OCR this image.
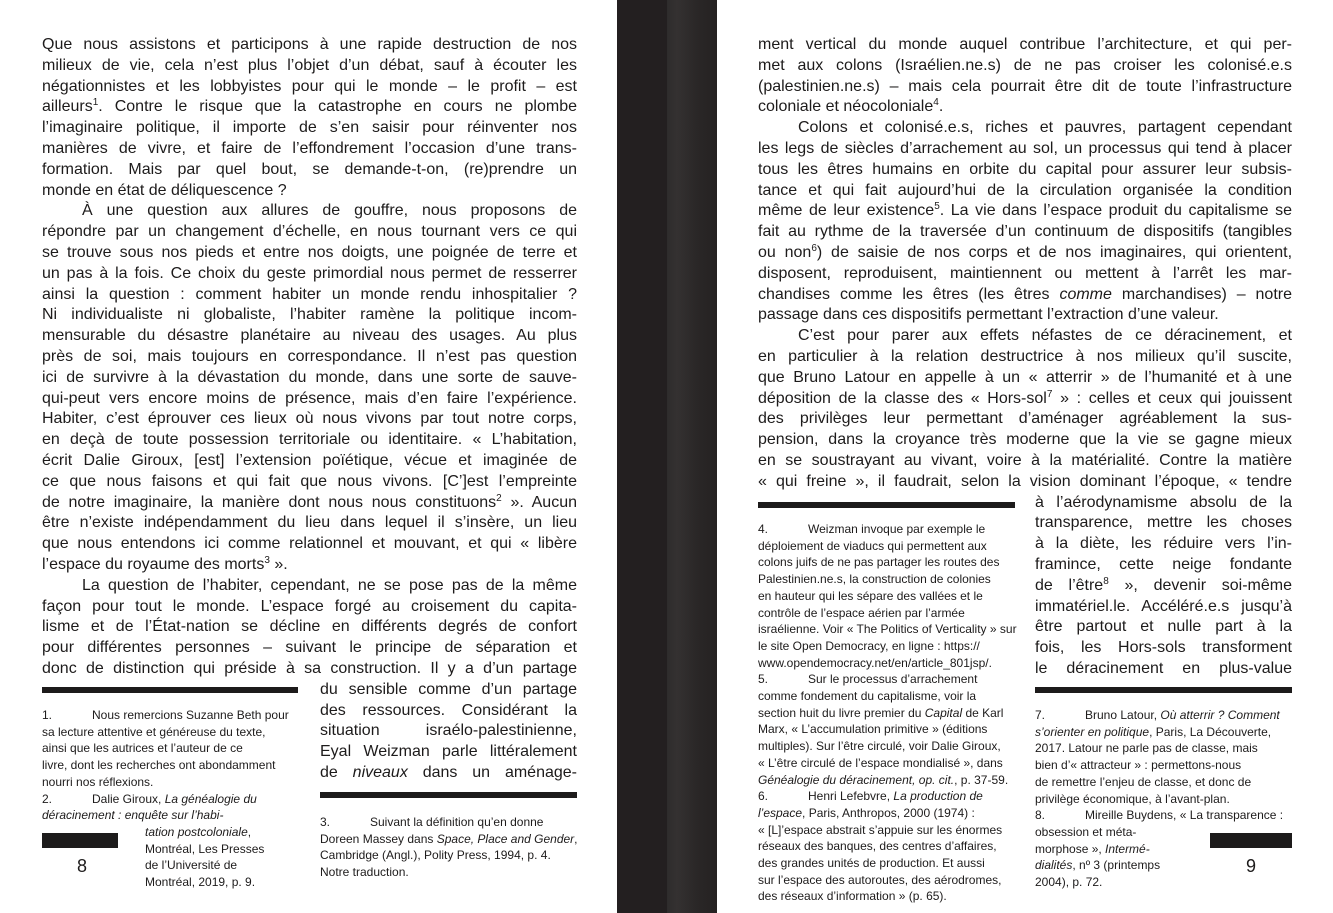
Que nous assistons et participons à une rapide destruction de nos
milieux de vie, cela n’est plus l’objet d’un débat, sauf à écouter les
négationnistes et les lobbyistes pour qui le monde – le profit – est
ailleurs$^1$. Contre le risque que la catastrophe en cours ne plombe
l’imaginaire politique, il importe de s’en saisir pour réinventer nos
manières de vivre, et faire de l’effondrement l’occasion d’une trans-
formation. Mais par quel bout, se demande-t-on, (re)prendre un
monde en état de déliquescence ?
À une question aux allures de gouffre, nous proposons de
répondre par un changement d’échelle, en nous tournant vers ce qui
se trouve sous nos pieds et entre nos doigts, une poignée de terre et
un pas à la fois. Ce choix du geste primordial nous permet de resserrer
ainsi la question : comment habiter un monde rendu inhospitalier ?
Ni individualiste ni globaliste, l’habiter ramène la politique incom-
mensurable du désastre planétaire au niveau des usages. Au plus
près de soi, mais toujours en correspondance. Il n’est pas question
ici de survivre à la dévastation du monde, dans une sorte de sauve-
qui-peut vers encore moins de présence, mais d’en faire l’expérience.
Habiter, c’est éprouver ces lieux où nous vivons par tout notre corps,
en deçà de toute possession territoriale ou identitaire. « L’habitation,
écrit Dalie Giroux, [est] l’extension poïétique, vécue et imaginée de
ce que nous faisons et qui fait que nous vivons. [C’]est l’empreinte
de notre imaginaire, la manière dont nous nous constituons$^2$ ». Aucun
être n’existe indépendamment du lieu dans lequel il s’insère, un lieu
que nous entendons ici comme relationnel et mouvant, et qui « libère
l’espace du royaume des morts$^3$ ».
La question de l’habiter, cependant, ne se pose pas de la même
façon pour tout le monde. L’espace forgé au croisement du capita-
lisme et de l’État-nation se décline en différents degrés de confort
pour différentes personnes – suivant le principe de séparation et
donc de distinction qui préside à sa construction. Il y a d’un partage
du sensible comme d’un partage
des ressources. Considérant la
situation israélo-palestinienne,
Eyal Weizman parle littéralement
de niveaux dans un aménage-
1.	Nous remercions Suzanne Beth pour
sa lecture attentive et généreuse du texte,
ainsi que les autrices et l’auteur de ce
livre, dont les recherches ont abondamment
nourri nos réflexions.
2.	Dalie Giroux, La généalogie du
déracinement : enquête sur l’habi-
tation postcoloniale,
Montréal, Les Presses
de l’Université de
Montréal, 2019, p. 9.
3.	Suivant la définition qu’en donne
Doreen Massey dans Space, Place and Gender,
Cambridge (Angl.), Polity Press, 1994, p. 4.
Notre traduction.
8
ment vertical du monde auquel contribue l’architecture, et qui per-
met aux colons (Israélien.ne.s) de ne pas croiser les colonisé.e.s
(palestinien.ne.s) – mais cela pourrait être dit de toute l’infrastructure
coloniale et néocoloniale$^4$.
Colons et colonisé.e.s, riches et pauvres, partagent cependant
les legs de siècles d’arrachement au sol, un processus qui tend à placer
tous les êtres humains en orbite du capital pour assurer leur subsis-
tance et qui fait aujourd’hui de la circulation organisée la condition
même de leur existence$^5$. La vie dans l’espace produit du capitalisme se
fait au rythme de la traversée d’un continuum de dispositifs (tangibles
ou non$^6$) de saisie de nos corps et de nos imaginaires, qui orientent,
disposent, reproduisent, maintiennent ou mettent à l’arrêt les mar-
chandises comme les êtres (les êtres comme marchandises) – notre
passage dans ces dispositifs permettant l’extraction d’une valeur.
C’est pour parer aux effets néfastes de ce déracinement, et
en particulier à la relation destructrice à nos milieux qu’il suscite,
que Bruno Latour en appelle à un « atterrir » de l’humanité et à une
déposition de la classe des « Hors-sol$^7$ » : celles et ceux qui jouissent
des privilèges leur permettant d’aménager agréablement la sus-
pension, dans la croyance très moderne que la vie se gagne mieux
en se soustrayant au vivant, voire à la matérialité. Contre la matière
« qui freine », il faudrait, selon la vision dominant l’époque, « tendre
à l’aérodynamisme absolu de la
transparence, mettre les choses
à la diète, les réduire vers l’in-
framince, cette neige fondante
de l’être$^8$ », devenir soi-même
immatériel.le. Accéléré.e.s jusqu’à
être partout et nulle part à la
fois, les Hors-sols transforment
le déracinement en plus-value
4.	Weizman invoque par exemple le
déploiement de viaducs qui permettent aux
colons juifs de ne pas partager les routes des
Palestinien.ne.s, la construction de colonies
en hauteur qui les sépare des vallées et le
contrôle de l’espace aérien par l’armée
israélienne. Voir « The Politics of Verticality » sur
le site Open Democracy, en ligne : https://
www.opendemocracy.net/en/article_801jsp/.
5.	Sur le processus d’arrachement
comme fondement du capitalisme, voir la
section huit du livre premier du Capital de Karl
Marx, « L’accumulation primitive » (éditions
multiples). Sur l’être circulé, voir Dalie Giroux,
« L’être circulé de l’espace mondialisé », dans
Généalogie du déracinement, op. cit., p. 37-59.
6.	Henri Lefebvre, La production de
l’espace, Paris, Anthropos, 2000 (1974) :
« [L]’espace abstrait s’appuie sur les énormes
réseaux des banques, des centres d’affaires,
des grandes unités de production. Et aussi
sur l’espace des autoroutes, des aérodromes,
des réseaux d’information » (p. 65).
7.	Bruno Latour, Où atterrir ? Comment
s’orienter en politique, Paris, La Découverte,
2017. Latour ne parle pas de classe, mais
bien d’« attracteur » : permettons-nous
de remettre l’enjeu de classe, et donc de
privilège économique, à l’avant-plan.
8.	Mireille Buydens, « La transparence :
obsession et méta-
morphose », Intermé-
dialités, nº 3 (printemps
2004), p. 72.
9
